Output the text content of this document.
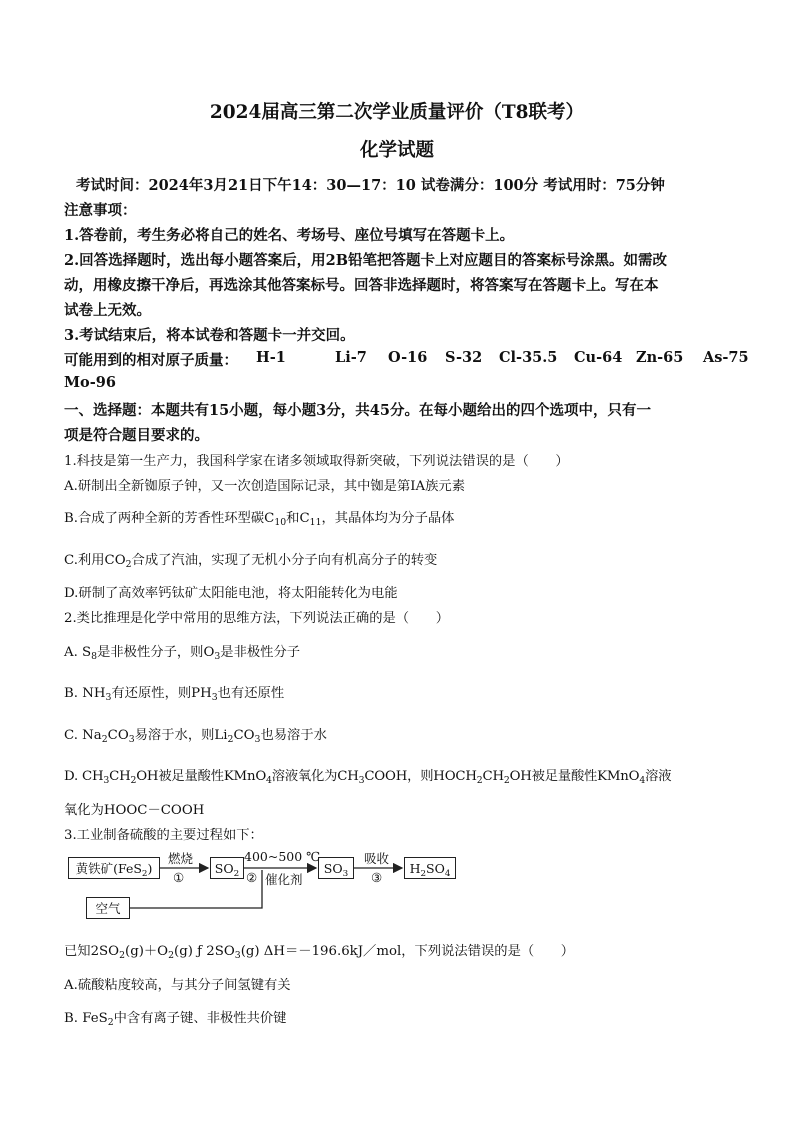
2024届高三第二次学业质量评价（T8联考）
化学试题
考试时间：2024年3月21日下午14：30—17：10 试卷满分：100分 考试用时：75分钟
注意事项：
1.答卷前，考生务必将自己的姓名、考场号、座位号填写在答题卡上。
2.回答选择题时，选出每小题答案后，用2B铅笔把答题卡上对应题目的答案标号涂黑。如需改
动，用橡皮擦干净后，再选涂其他答案标号。回答非选择题时，将答案写在答题卡上。写在本
试卷上无效。
3.考试结束后，将本试卷和答题卡一并交回。
可能用到的相对原子质量： H-1	Li-7 O-16 S-32 Cl-35.5 Cu-64 Zn-65 As-75
Mo-96
一、选择题：本题共有15小题，每小题3分，共45分。在每小题给出的四个选项中，只有一
项是符合题目要求的。
1.科技是第一生产力，我国科学家在诸多领域取得新突破，下列说法错误的是（　　）
A.研制出全新铷原子钟，又一次创造国际记录，其中铷是第IA族元素
B.合成了两种全新的芳香性环型碳$C_{10}$和$C_{11}$，其晶体均为分子晶体
C.利用$CO_2$合成了汽油，实现了无机小分子向有机高分子的转变
D.研制了高效率钙钛矿太阳能电池，将太阳能转化为电能
2.类比推理是化学中常用的思维方法，下列说法正确的是（　　）
A. $S_8$是非极性分子，则$O_3$是非极性分子
B. $NH_3$有还原性，则$PH_3$也有还原性
C. $Na_2CO_3$易溶于水，则$Li_2CO_3$也易溶于水
D. $CH_3CH_2OH$被足量酸性KMnO$_4$溶液氧化为$CH_3COOH$，则$HOCH_2CH_2OH$被足量酸性KMnO$_4$溶液
氧化为HOOC－COOH
3.工业制备硫酸的主要过程如下：
黄铁矿(FeS$_2$)	$SO_2$	$SO_3$	$H_2SO_4$
空气
燃烧
①
400~500 ℃
② 催化剂
吸收
③
已知$2SO_2(g)+O_2(g)$ ƒ $2SO_3(g)$ ΔH＝－196.6kJ／mol，下列说法错误的是（　　）
A.硫酸粘度较高，与其分子间氢键有关
B. FeS$_2$中含有离子键、非极性共价键
